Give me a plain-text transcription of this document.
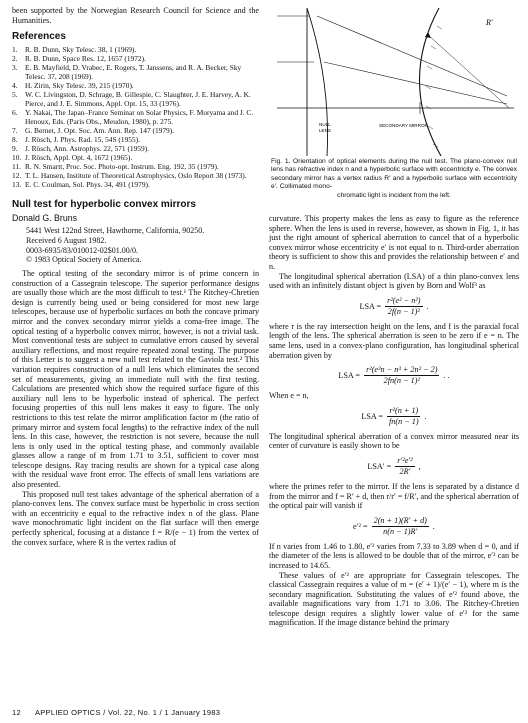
been supported by the Norwegian Research Council for Science and the Humanities.

References
1.	R. B. Dunn, Sky Telesc. 38, 1 (1969).
2.	R. B. Dunn, Space Res. 12, 1657 (1972).
3.	E. B. Mayfield, D. Vrabec, E. Rogers, T. Janssens, and R. A. Becker, Sky Telesc. 37, 208 (1969).
4.	H. Zirin, Sky Telesc. 39, 215 (1970).
5.	W. C. Livingston, D. Schrage, B. Gillespie, C. Slaughter, J. E. Harvey, A. K. Pierce, and J. E. Simmons, Appl. Opt. 15, 33 (1976).
6.	Y. Nakai, The Japan–France Seminar on Solar Physics, F. Moryama and J. C. Henoux, Eds. (Paris Obs., Meudon, 1980), p. 275.
7.	G. Bernet, J. Opt. Soc. Am. Ann. Rep. 147 (1979).
8.	J. Rösch, J. Phys. Rad. 15, 54S (1955).
9.	J. Rösch, Ann. Astrophys. 22, 571 (1959).
10. J. Rösch, Appl. Opt. 4, 1672 (1965).
11. R. N. Smartt, Proc. Soc. Photo-opt. Instrum. Eng. 192, 35 (1979).
12. T. L. Hansen, Institute of Theoretical Astrophysics, Oslo Report 38 (1973).
13. E. C. Coulman, Sol. Phys. 34, 491 (1979).
Null test for hyperbolic convex mirrors
Donald G. Bruns
5441 West 122nd Street, Hawthorne, California, 90250.
Received 6 August 1982.
0003-6935/83/010012-02$01.00/0.
© 1983 Optical Society of America.

The optical testing of the secondary mirror is of prime concern in construction of a Cassegrain telescope. The superior performance designs are usually those which are the most difficult to test.¹ The Ritchey-Chretien design is currently being used or being considered for most new large telescopes, because use of hyperbolic surfaces on both the concave primary mirror and the convex secondary mirror yields a coma-free image. The optical testing of a hyperbolic convex mirror, however, is not a trivial task. Most conventional tests are subject to cumulative errors caused by several auxiliary reflections, and most require repeated zonal testing. The purpose of this Letter is to suggest a new null test related to the Gaviola test.² This variation requires construction of a null lens which eliminates the second set of measurements, giving an immediate null with the first testing. Calculations are presented which show the required surface figure of this auxiliary null lens to be hyperbolic instead of spherical. The perfect focusing properties of this null lens makes it easy to figure. The only restrictions to this test relate the mirror amplification factor m (the ratio of primary mirror and system focal lengths) to the refractive index of the null lens. In this case, however, the restriction is not severe, because the null lens is only used in the optical testing phase, and commonly available glasses allow a range of m from 1.71 to 3.51, sufficient to cover most telescope designs. Ray tracing results are shown for a typical case along with the residual wave front error. The effects of small lens variations are also presented.

This proposed null test takes advantage of the spherical aberration of a plano-convex lens. The convex surface must be hyperbolic in cross section with an eccentricity e equal to the refractive index n of the glass. Plane wave monochromatic light incident on the flat surface will then emerge perfectly spherical, focusing at a distance f = R/(e − 1) from the vertex of the convex surface, where R is the vertex radius of

R′
NULL
LENS
SECONDARY MIRROR

Fig. 1. Orientation of optical elements during the null test. The plano-convex null lens has refractive index n and a hyperbolic surface with eccentricity e. The convex secondary mirror has a vertex radius R′ and a hyperbolic surface with eccentricity e′. Collimated mono-
chromatic light is incident from the left.

curvature. This property makes the lens as easy to figure as the reference sphere. When the lens is used in reverse, however, as shown in Fig. 1, it has just the right amount of spherical aberration to cancel that of a hyperbolic convex mirror whose eccentricity e′ is not equal to n. Third-order aberration theory is sufficient to show this and provides the relationship between e′ and n.

The longitudinal spherical aberration (LSA) of a thin plano-convex lens used with an infinitely distant object is given by Born and Wolf³ as

LSA = $\frac{\text{r²(e² − n²)}}{\text{2f(n − 1)²}}$ .

where r is the ray intersection height on the lens, and f is the paraxial focal length of the lens. The spherical aberration is seen to be zero if e = n. The same lens, used in a convex-plano configuration, has longitudinal spherical aberration given by

LSA = $\frac{\text{r²(e²n − n³ + 2n² − 2)}}{\text{2fn(n − 1)²}}$ . .

When e = n,

LSA = $\frac{\text{r²(n + 1)}}{fn(n - 1)}$ .

The longitudinal spherical aberration of a convex mirror measured near its center of curvature is easily shown to be

$LSA' = \frac{\text{r′²e′²}}{2R'}$ ,

where the primes refer to the mirror. If the lens is separated by a distance d from the mirror and f = R′ + d, then r/r′ = f/R′, and the spherical aberration of the optical pair will vanish if

$e'^2 = \frac{2(n + 1)(R' + d)}{n(n - 1)R'}$ .

If n varies from 1.46 to 1.80, e′² varies from 7.33 to 3.89 when d = 0, and if the diameter of the lens is allowed to be double that of the mirror, e′² can be increased to 14.65.

These values of e′² are appropriate for Cassegrain telescopes. The classical Cassegrain requires a value of m = (e′ + 1)/(e′ − 1), where m is the secondary magnification. Substituting the values of e′² found above, the available magnifications vary from 1.71 to 3.06. The Ritchey-Chretien telescope design requires a slightly lower value of e′² for the same magnification. If the image distance behind the primary

12 APPLIED OPTICS / Vol. 22, No. 1 / 1 January 1983
